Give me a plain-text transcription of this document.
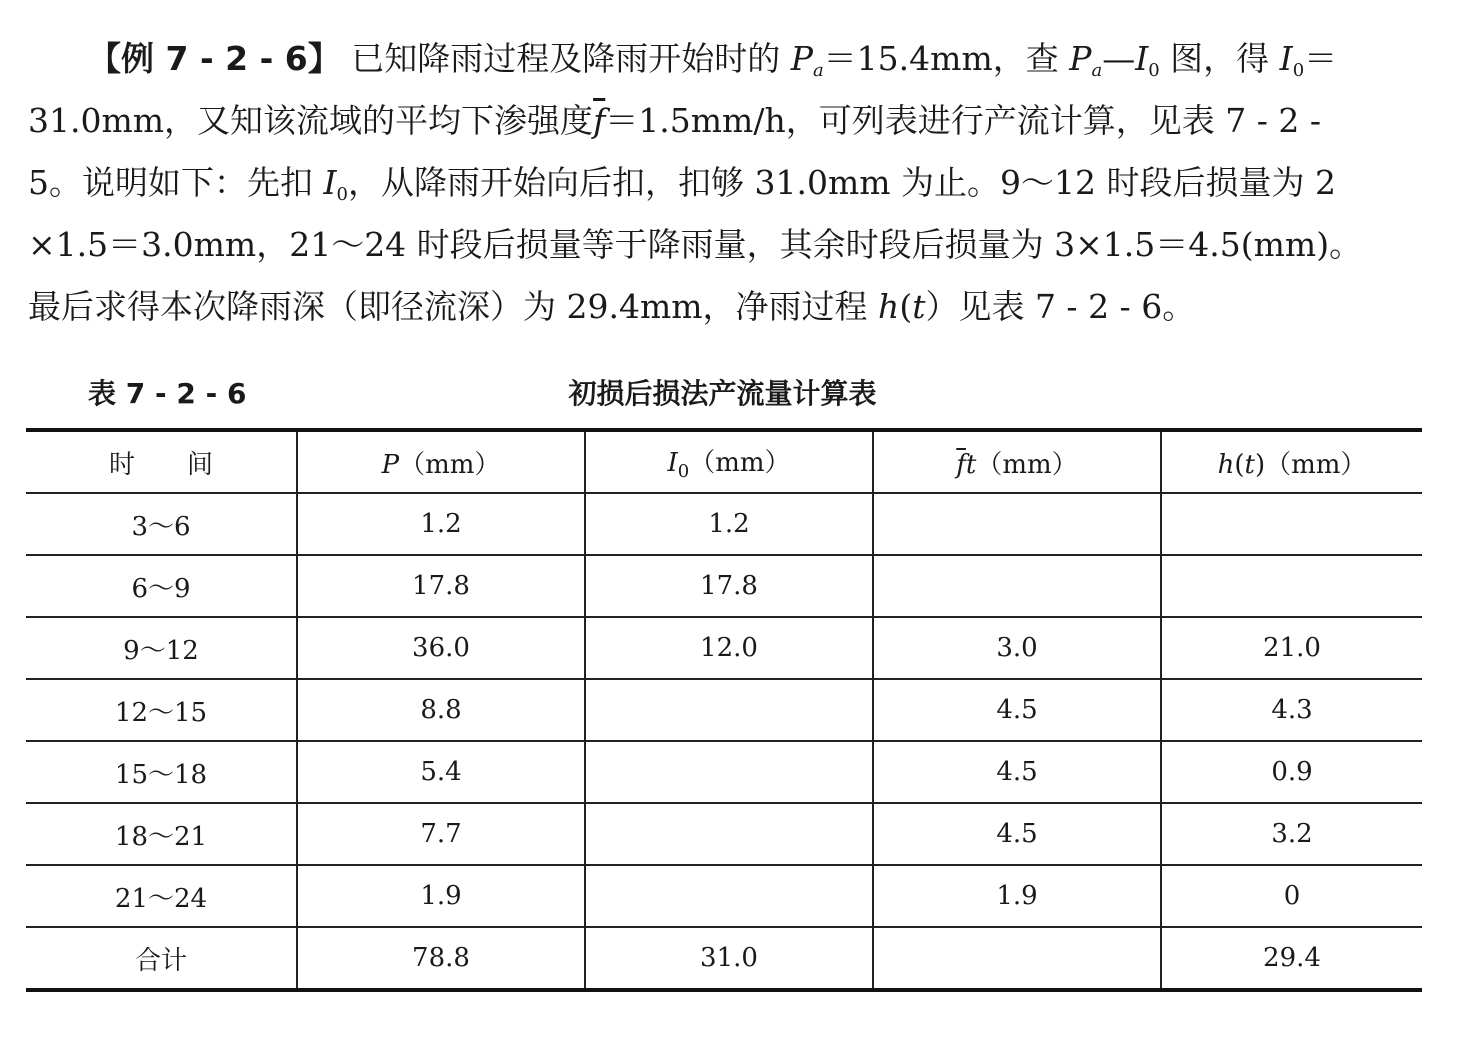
【例 7 - 2 - 6】 已知降雨过程及降雨开始时的 $P_a=15.4mm$，查 $P_a—I_0$ 图，得 $I_0=$
31.0mm，又知该流域的平均下渗强度$\overline{f}=1.5mm/h$，可列表进行产流计算，见表 7 - 2 -
5。说明如下：先扣 $I_0$，从降雨开始向后扣，扣够 31.0mm 为止。9～12 时段后损量为 2
×1.5＝3.0mm，21～24 时段后损量等于降雨量，其余时段后损量为 3×1.5＝4.5(mm)。
最后求得本次降雨深（即径流深）为 29.4mm，净雨过程 h(t）见表 7 - 2 - 6。
表 7 - 2 - 6	初损后损法产流量计算表
时　　间	P（mm）	$I_0(mm)$	$\overline{f}t(mm)$	h(t)（mm）
3～6	1.2	1.2		
6～9	17.8	17.8		
9～12	36.0	12.0	3.0	21.0
12～15	8.8		4.5	4.3
15～18	5.4		4.5	0.9
18～21	7.7		4.5	3.2
21～24	1.9		1.9	0
合计	78.8	31.0		29.4
